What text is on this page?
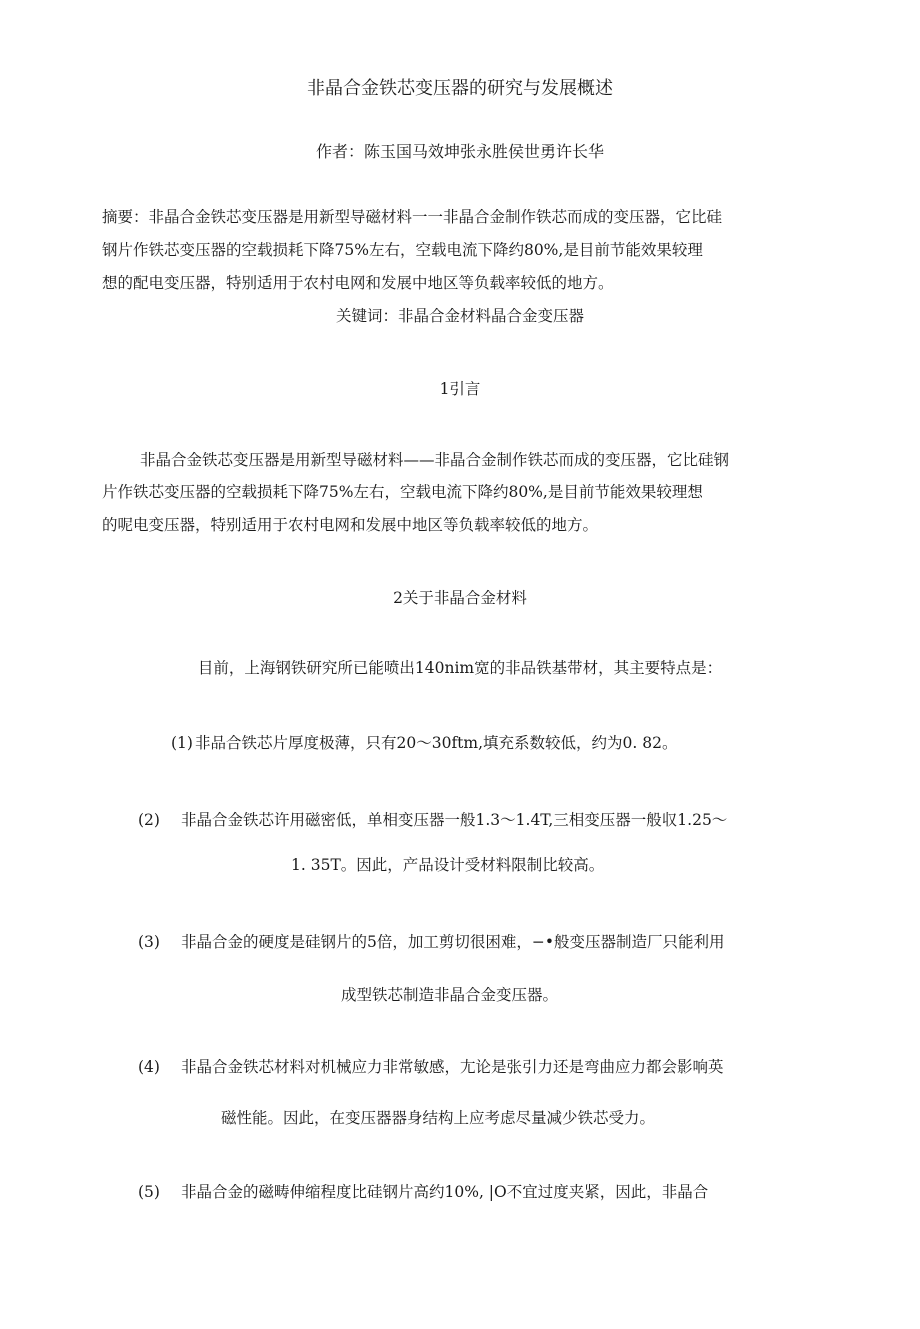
非晶合金铁芯变压器的研究与发展概述
作者：陈玉国马效坤张永胜侯世勇许长华
摘要：非晶合金铁芯变压器是用新型导磁材料一一非晶合金制作铁芯而成的变压器，它比硅
钢片作铁芯变压器的空载损耗下降75%左右，空载电流下降约80%,是目前节能效果较理
想的配电变压器，特别适用于农村电网和发展中地区等负载率较低的地方。
关键词：非晶合金材料晶合金变压器
1引言
非晶合金铁芯变压器是用新型导磁材料——非晶合金制作铁芯而成的变压器，它比硅钢
片作铁芯变压器的空载损耗下降75%左右，空载电流下降约80%,是目前节能效果较理想
的呢电变压器，特别适用于农村电网和发展中地区等负载率较低的地方。
2关于非晶合金材料
目前，上海钢铁研究所已能喷出140nim宽的非品铁基带材，其主要特点是：
(1) 非品合铁芯片厚度极薄，只有20～30ftm,填充系数较低，约为0. 82。
(2) 非晶合金铁芯许用磁密低，单相变压器一般1.3～1.4T,三相变压器一般収1.25～
1. 35T。因此，产品设计受材料限制比较高。
(3) 非晶合金的硬度是硅钢片的5倍，加工剪切很困难，−•般变压器制造厂只能利用
成型铁芯制造非晶合金变压器。
(4) 非晶合金铁芯材料对机械应力非常敏感，尢论是张引力还是弯曲应力都会影响英
磁性能。因此，在变压器器身结构上应考虑尽量减少铁芯受力。
(5) 非晶合金的磁畴伸缩程度比硅钢片高约10%, |O不宜过度夹紧，因此，非晶合
